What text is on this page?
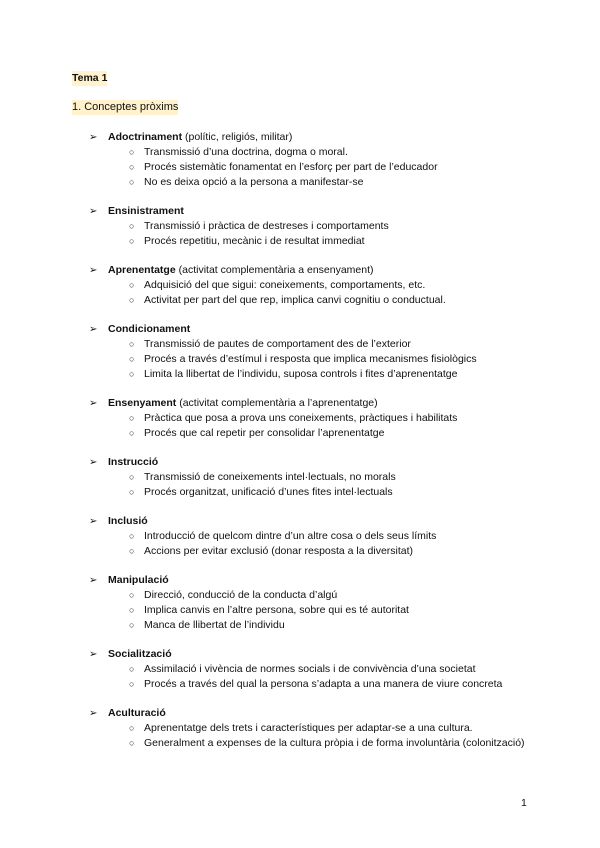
Tema 1
1. Conceptes pròxims
➢ Adoctrinament (polític, religiós, militar)
○ Transmissió d’una doctrina, dogma o moral.
○ Procés sistemàtic fonamentat en l’esforç per part de l’educador
○ No es deixa opció a la persona a manifestar-se
➢ Ensinistrament
○ Transmissió i pràctica de destreses i comportaments
○ Procés repetitiu, mecànic i de resultat immediat
➢ Aprenentatge (activitat complementària a ensenyament)
○ Adquisició del que sigui: coneixements, comportaments, etc.
○ Activitat per part del que rep, implica canvi cognitiu o conductual.
➢ Condicionament
○ Transmissió de pautes de comportament des de l’exterior
○ Procés a través d’estímul i resposta que implica mecanismes fisiològics
○ Limita la llibertat de l’individu, suposa controls i fites d’aprenentatge
➢ Ensenyament (activitat complementària a l’aprenentatge)
○ Pràctica que posa a prova uns coneixements, pràctiques i habilitats
○ Procés que cal repetir per consolidar l’aprenentatge
➢ Instrucció
○ Transmissió de coneixements intel·lectuals, no morals
○ Procés organitzat, unificació d’unes fites intel·lectuals
➢ Inclusió
○ Introducció de quelcom dintre d’un altre cosa o dels seus límits
○ Accions per evitar exclusió (donar resposta a la diversitat)
➢ Manipulació
○ Direcció, conducció de la conducta d’algú
○ Implica canvis en l’altre persona, sobre qui es té autoritat
○ Manca de llibertat de l’individu
➢ Socialització
○ Assimilació i vivència de normes socials i de convivència d’una societat
○ Procés a través del qual la persona s’adapta a una manera de viure concreta
➢ Aculturació
○ Aprenentatge dels trets i característiques per adaptar-se a una cultura.
○ Generalment a expenses de la cultura pròpia i de forma involuntària (colonització)
1
